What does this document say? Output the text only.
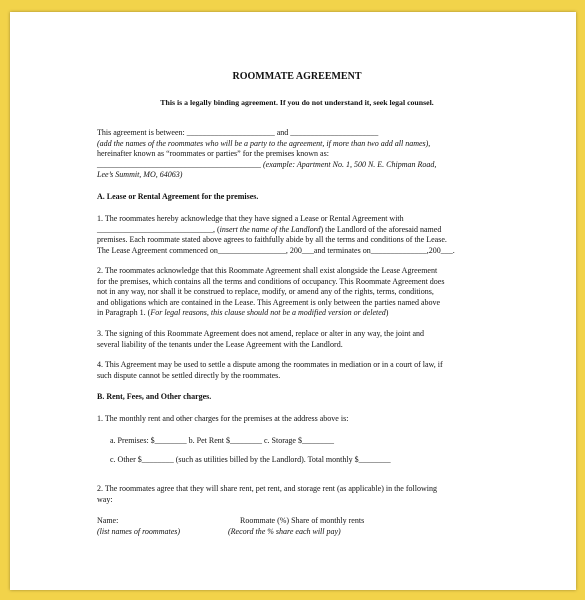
ROOMMATE AGREEMENT
This is a legally binding agreement. If you do not understand it, seek legal counsel.
This agreement is between: ______________________ and ______________________
(add the names of the roommates who will be a party to the agreement, if more than two add all names),
hereinafter known as “roommates or parties” for the premises known as:
_________________________________________ (example: Apartment No. 1, 500 N. E. Chipman Road,
Lee’s Summit, MO, 64063)
A. Lease or Rental Agreement for the premises.
1. The roommates hereby acknowledge that they have signed a Lease or Rental Agreement with
_____________________________, (insert the name of the Landlord) the Landlord of the aforesaid named
premises. Each roommate stated above agrees to faithfully abide by all the terms and conditions of the Lease.
The Lease Agreement commenced on_________________, 200___and terminates on______________,200___.
2. The roommates acknowledge that this Roommate Agreement shall exist alongside the Lease Agreement
for the premises, which contains all the terms and conditions of occupancy. This Roommate Agreement does
not in any way, nor shall it be construed to replace, modify, or amend any of the rights, terms, conditions,
and obligations which are contained in the Lease. This Agreement is only between the parties named above
in Paragraph 1. (For legal reasons, this clause should not be a modified version or deleted)
3. The signing of this Roommate Agreement does not amend, replace or alter in any way, the joint and
several liability of the tenants under the Lease Agreement with the Landlord.
4. This Agreement may be used to settle a dispute among the roommates in mediation or in a court of law, if
such dispute cannot be settled directly by the roommates.
B. Rent, Fees, and Other charges.
1. The monthly rent and other charges for the premises at the address above is:
a. Premises: $________ b. Pet Rent $________ c. Storage $________
c. Other $________ (such as utilities billed by the Landlord). Total monthly $________
2. The roommates agree that they will share rent, pet rent, and storage rent (as applicable) in the following
way:
Name:	Roommate (%) Share of monthly rents
(list names of roommates)	(Record the % share each will pay)
